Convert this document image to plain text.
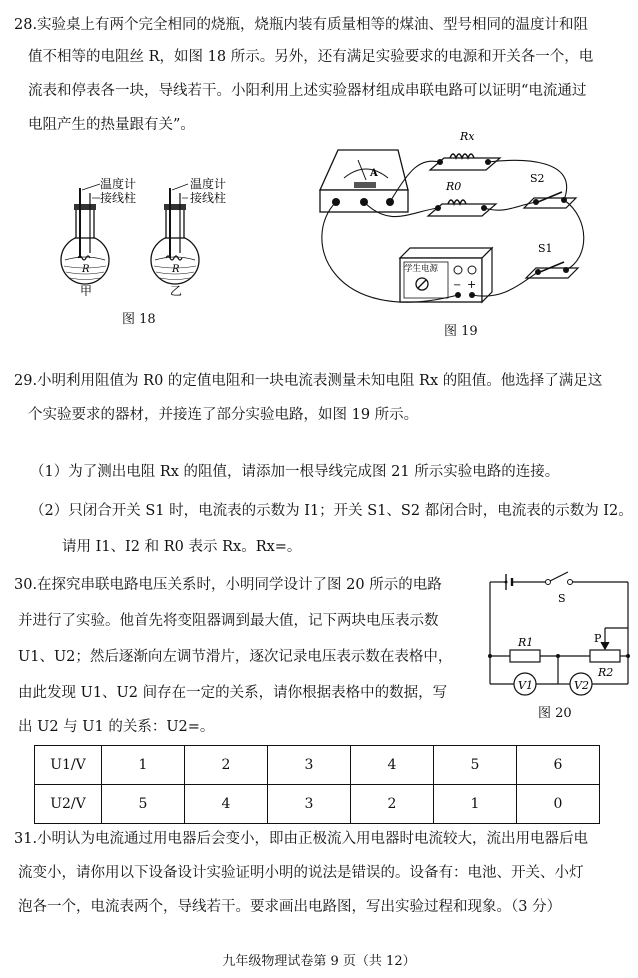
28.实验桌上有两个完全相同的烧瓶，烧瓶内装有质量相等的煤油、型号相同的温度计和阻
值不相等的电阻丝 R，如图 18 所示。另外，还有满足实验要求的电源和开关各一个，电
流表和停表各一块，导线若干。小阳利用上述实验器材组成串联电路可以证明“电流通过
电阻产生的热量跟有关”。
温度计
接线柱
温度计
接线柱
R	R
甲	乙
图 18
A
Rx
R0
S2
S1
学生电源
− +
图 19
29.小明利用阻值为 R0 的定值电阻和一块电流表测量未知电阻 Rx 的阻值。他选择了满足这
个实验要求的器材，并接连了部分实验电路，如图 19 所示。
（1）为了测出电阻 Rx 的阻值，请添加一根导线完成图 21 所示实验电路的连接。
（2）只闭合开关 S1 时，电流表的示数为 I1；开关 S1、S2 都闭合时，电流表的示数为 I2。
请用 I1、I2 和 R0 表示 Rx。Rx=。
30.在探究串联电路电压关系时，小明同学设计了图 20 所示的电路
并进行了实验。他首先将变阻器调到最大值，记下两块电压表示数
U1、U2；然后逐渐向左调节滑片，逐次记录电压表示数在表格中，
由此发现 U1、U2 间存在一定的关系，请你根据表格中的数据，写
出 U2 与 U1 的关系：U2=。
V1	V2
S
R1
R2
P
图 20
U1/V	1	2	3	4	5	6
U2/V	5	4	3	2	1	0
31.小明认为电流通过用电器后会变小，即由正极流入用电器时电流较大，流出用电器后电
流变小，请你用以下设备设计实验证明小明的说法是错误的。设备有：电池、开关、小灯
泡各一个，电流表两个，导线若干。要求画出电路图，写出实验过程和现象。（3 分）
九年级物理试卷第 9 页（共 12）
